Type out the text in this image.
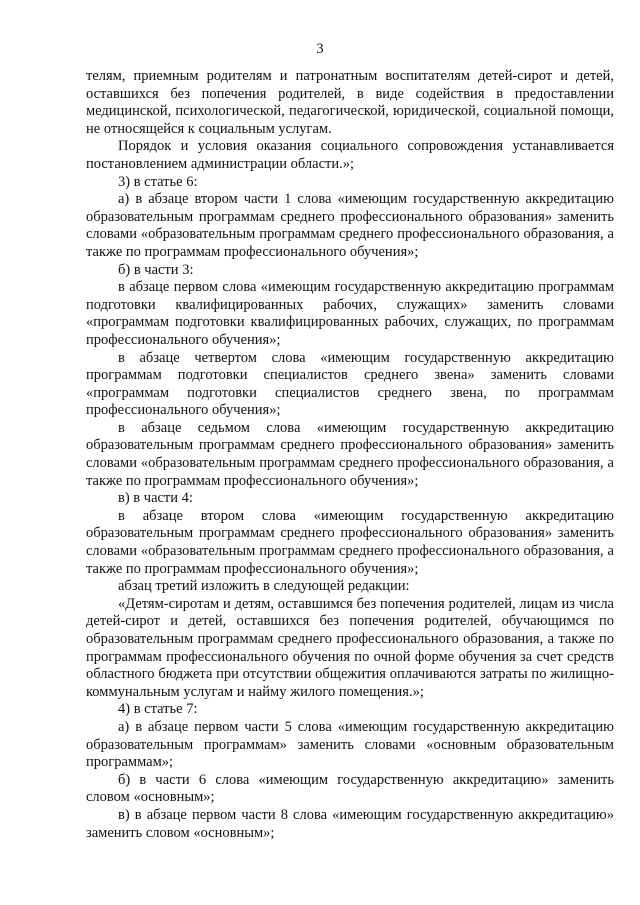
3

телям, приемным родителям и патронатным воспитателям детей-сирот и детей, оставшихся без попечения родителей, в виде содействия в предоставлении медицинской, психологической, педагогической, юридической, социальной помощи, не относящейся к социальным услугам.

Порядок и условия оказания социального сопровождения устанавливается постановлением администрации области.»;

3) в статье 6:

а) в абзаце втором части 1 слова «имеющим государственную аккредитацию образовательным программам среднего профессионального образования» заменить словами «образовательным программам среднего профессионального образования, а также по программам профессионального обучения»;

б) в части 3:

в абзаце первом слова «имеющим государственную аккредитацию программам подготовки квалифицированных рабочих, служащих» заменить словами «программам подготовки квалифицированных рабочих, служащих, по программам профессионального обучения»;

в абзаце четвертом слова «имеющим государственную аккредитацию программам подготовки специалистов среднего звена» заменить словами «программам подготовки специалистов среднего звена, по программам профессионального обучения»;

в абзаце седьмом слова «имеющим государственную аккредитацию образовательным программам среднего профессионального образования» заменить словами «образовательным программам среднего профессионального образования, а также по программам профессионального обучения»;

в) в части 4:

в абзаце втором слова «имеющим государственную аккредитацию образовательным программам среднего профессионального образования» заменить словами «образовательным программам среднего профессионального образования, а также по программам профессионального обучения»;

абзац третий изложить в следующей редакции:

«Детям-сиротам и детям, оставшимся без попечения родителей, лицам из числа детей-сирот и детей, оставшихся без попечения родителей, обучающимся по образовательным программам среднего профессионального образования, а также по программам профессионального обучения по очной форме обучения за счет средств областного бюджета при отсутствии общежития оплачиваются затраты по жилищно-коммунальным услугам и найму жилого помещения.»;

4) в статье 7:

а) в абзаце первом части 5 слова «имеющим государственную аккредитацию образовательным программам» заменить словами «основным образовательным программам»;

б) в части 6 слова «имеющим государственную аккредитацию» заменить словом «основным»;

в) в абзаце первом части 8 слова «имеющим государственную аккредитацию» заменить словом «основным»;
